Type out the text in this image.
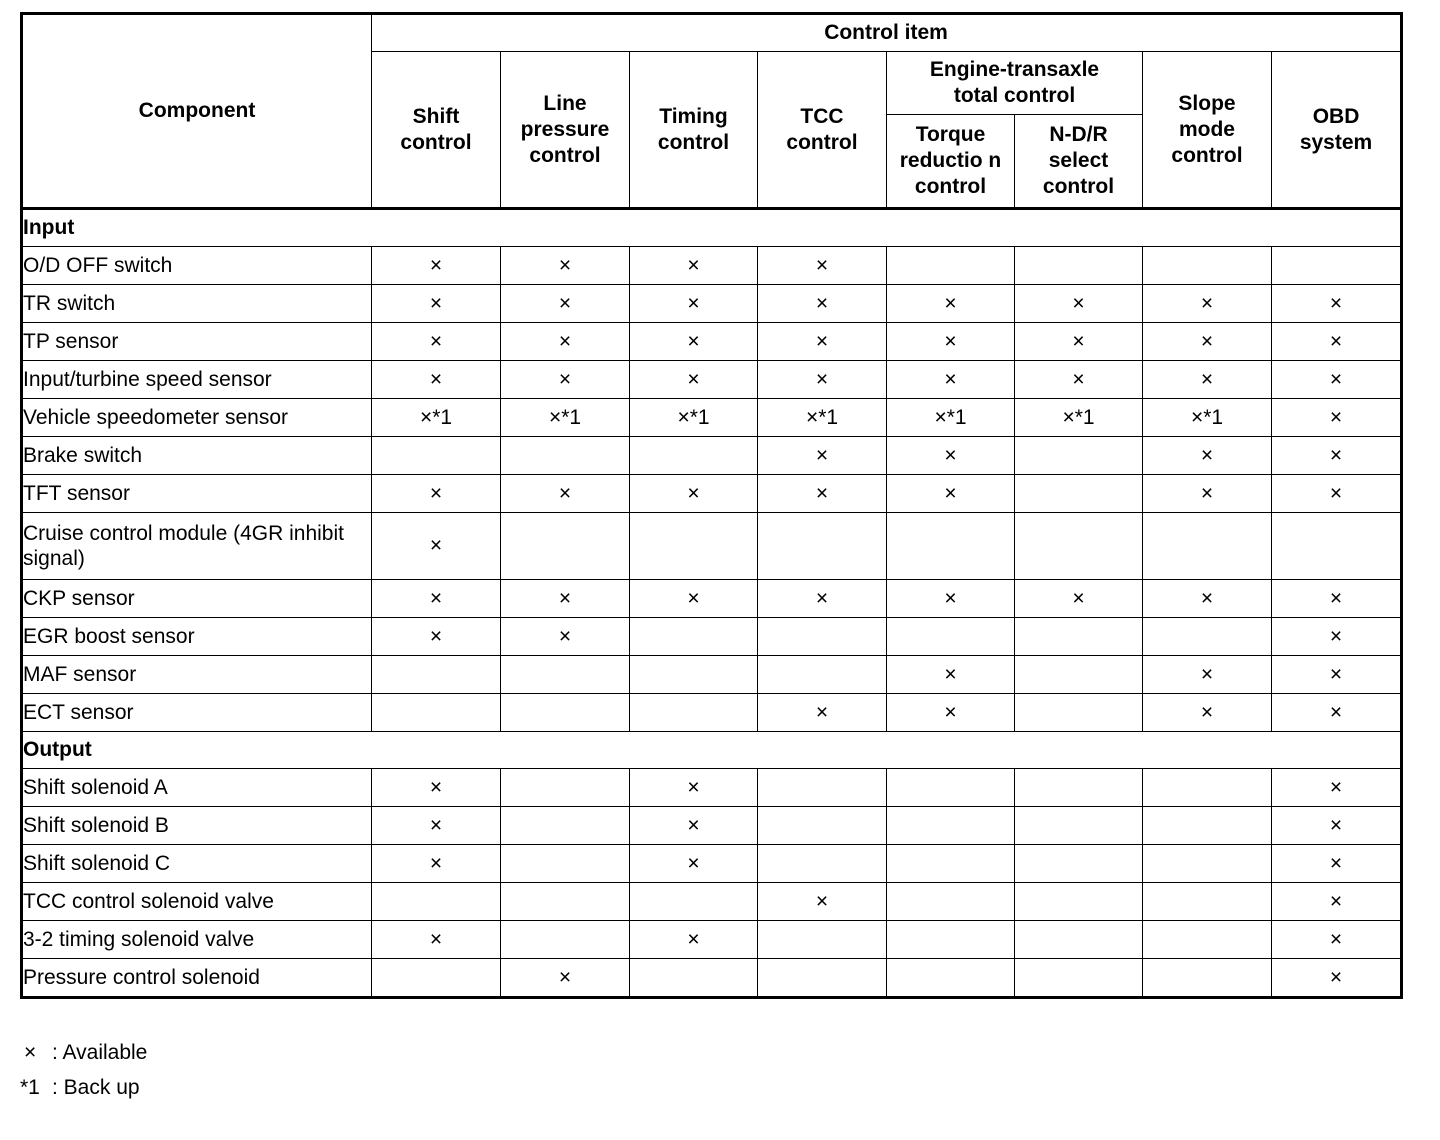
Component	Control item							
	Shift control	Line pressure control	Timing control	TCC control	Engine-transaxle total control		Slope mode control	OBD system
					Torque reductio n control	N-D/R select control		
Input								
O/D OFF switch	×	×	×	×				
TR switch	×	×	×	×	×	×	×	×
TP sensor	×	×	×	×	×	×	×	×
Input/turbine speed sensor	×	×	×	×	×	×	×	×
Vehicle speedometer sensor	×*1	×*1	×*1	×*1	×*1	×*1	×*1	×
Brake switch				×	×		×	×
TFT sensor	×	×	×	×	×		×	×
Cruise control module (4GR inhibit signal)	×							
CKP sensor	×	×	×	×	×	×	×	×
EGR boost sensor	×	×						×
MAF sensor					×		×	×
ECT sensor				×	×		×	×
Output								
Shift solenoid A	×		×					×
Shift solenoid B	×		×					×
Shift solenoid C	×		×					×
TCC control solenoid valve				×				×
3-2 timing solenoid valve	×		×					×
Pressure control solenoid		×						×
× : Available
*1 : Back up
